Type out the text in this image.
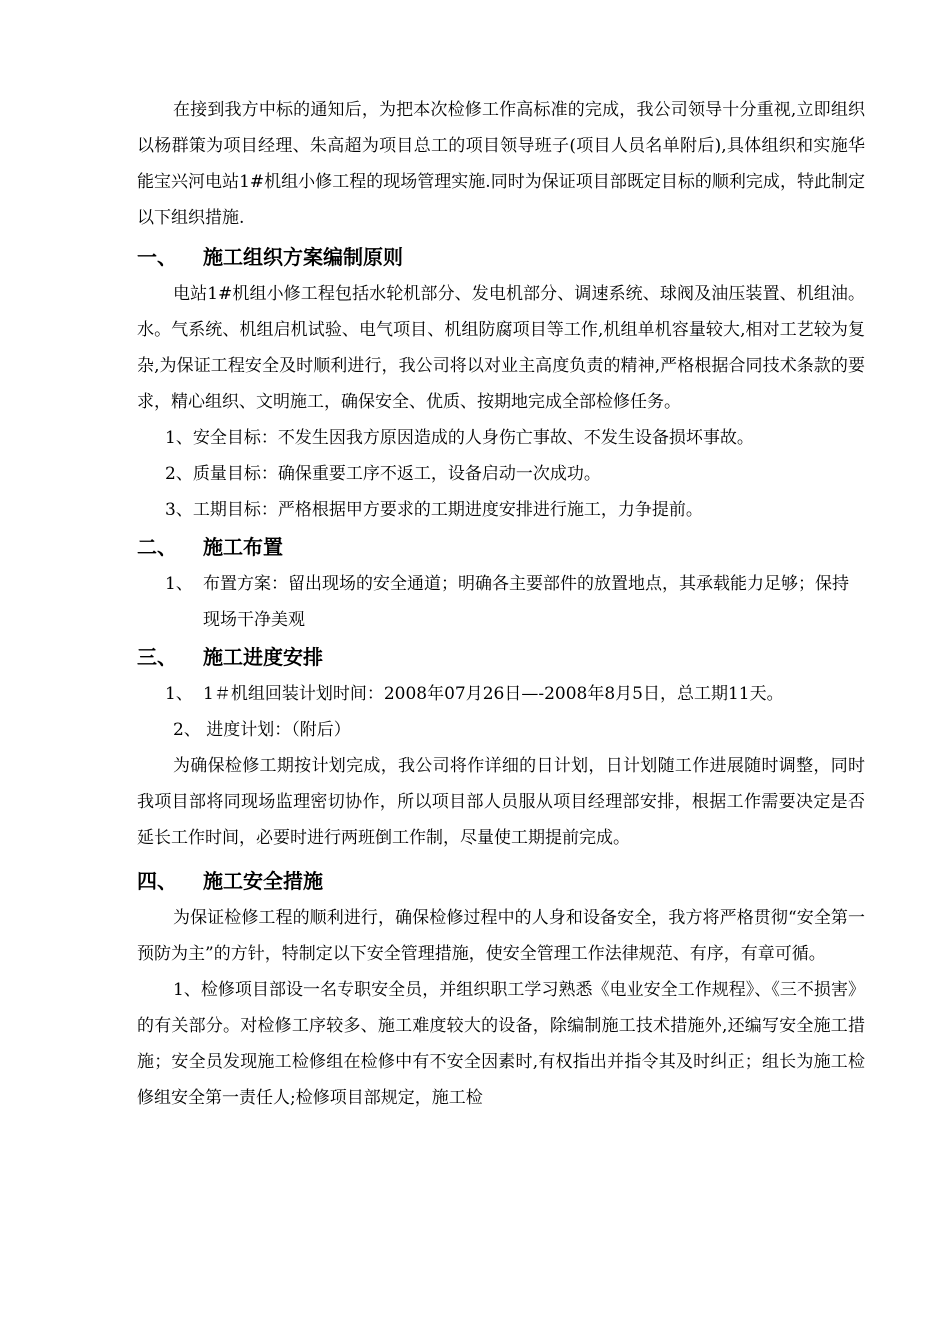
在接到我方中标的通知后，为把本次检修工作高标准的完成，我公司领导十分重视,立即组织以杨群策为项目经理、朱高超为项目总工的项目领导班子(项目人员名单附后),具体组织和实施华能宝兴河电站1#机组小修工程的现场管理实施.同时为保证项目部既定目标的顺利完成，特此制定以下组织措施.

一、	施工组织方案编制原则

电站1#机组小修工程包括水轮机部分、发电机部分、调速系统、球阀及油压装置、机组油。水。气系统、机组启机试验、电气项目、机组防腐项目等工作,机组单机容量较大,相对工艺较为复杂,为保证工程安全及时顺利进行，我公司将以对业主高度负责的精神,严格根据合同技术条款的要求，精心组织、文明施工，确保安全、优质、按期地完成全部检修任务。

1、安全目标：不发生因我方原因造成的人身伤亡事故、不发生设备损坏事故。

2、质量目标：确保重要工序不返工，设备启动一次成功。

3、工期目标：严格根据甲方要求的工期进度安排进行施工，力争提前。

二、	施工布置
1、 布置方案：留出现场的安全通道；明确各主要部件的放置地点，其承载能力足够；保持现场干净美观
三、	施工进度安排
1、 1＃机组回装计划时间：2008年07月26日—-2008年8月5日，总工期11天。

2、 进度计划：（附后）

为确保检修工期按计划完成，我公司将作详细的日计划，日计划随工作进展随时调整，同时我项目部将同现场监理密切协作，所以项目部人员服从项目经理部安排，根据工作需要决定是否延长工作时间，必要时进行两班倒工作制，尽量使工期提前完成。

四、	施工安全措施

为保证检修工程的顺利进行，确保检修过程中的人身和设备安全，我方将严格贯彻“安全第一 预防为主”的方针，特制定以下安全管理措施，使安全管理工作法律规范、有序，有章可循。

1、检修项目部设一名专职安全员，并组织职工学习熟悉《电业安全工作规程》、《三不损害》的有关部分。对检修工序较多、施工难度较大的设备，除编制施工技术措施外,还编写安全施工措施；安全员发现施工检修组在检修中有不安全因素时,有权指出并指令其及时纠正；组长为施工检修组安全第一责任人;检修项目部规定，施工检
